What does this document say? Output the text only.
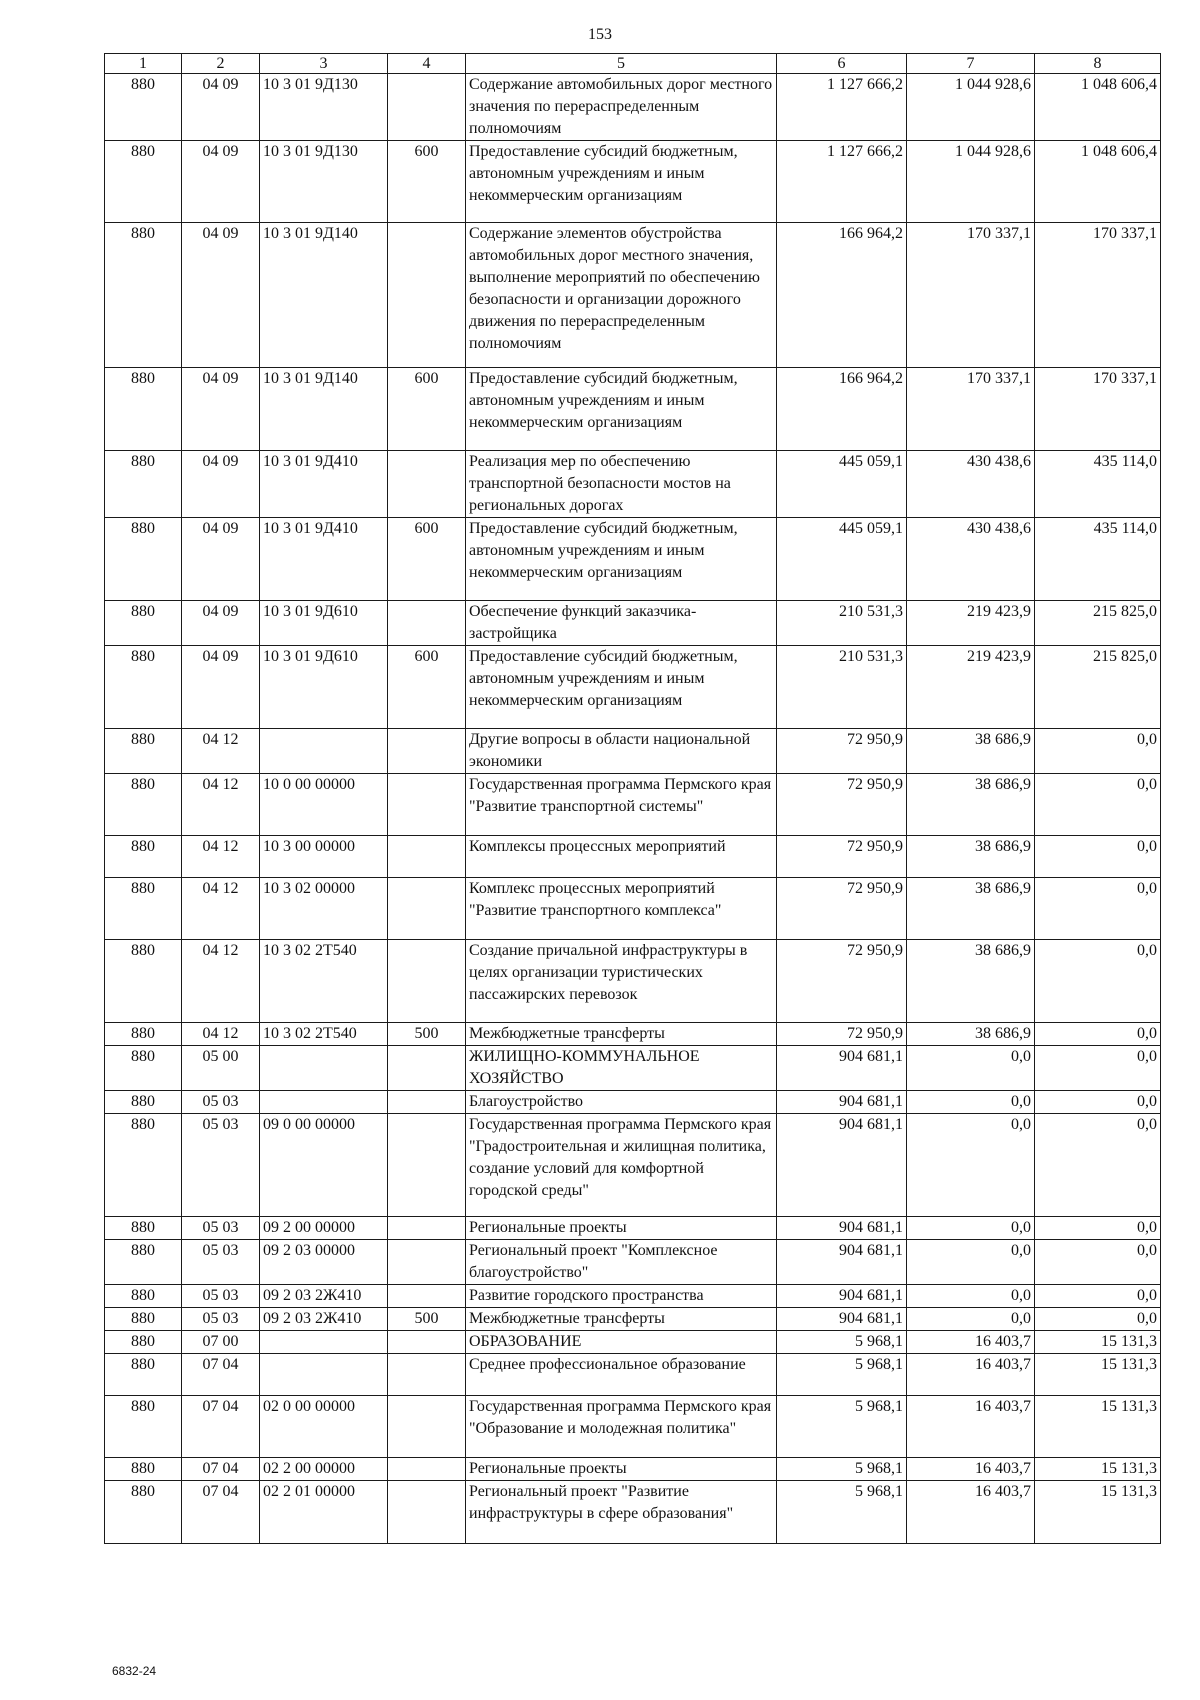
153
1	2	3	4	5	6	7	8
880	04 09	10 3 01 9Д130		Содержание автомобильных дорог местного значения по перераспределенным полномочиям	1 127 666,2	1 044 928,6	1 048 606,4
880	04 09	10 3 01 9Д130	600	Предоставление субсидий бюджетным, автономным учреждениям и иным некоммерческим организациям	1 127 666,2	1 044 928,6	1 048 606,4
880	04 09	10 3 01 9Д140		Содержание элементов обустройства автомобильных дорог местного значения, выполнение мероприятий по обеспечению безопасности и организации дорожного движения по перераспределенным полномочиям	166 964,2	170 337,1	170 337,1
880	04 09	10 3 01 9Д140	600	Предоставление субсидий бюджетным, автономным учреждениям и иным некоммерческим организациям	166 964,2	170 337,1	170 337,1
880	04 09	10 3 01 9Д410		Реализация мер по обеспечению транспортной безопасности мостов на региональных дорогах	445 059,1	430 438,6	435 114,0
880	04 09	10 3 01 9Д410	600	Предоставление субсидий бюджетным, автономным учреждениям и иным некоммерческим организациям	445 059,1	430 438,6	435 114,0
880	04 09	10 3 01 9Д610		Обеспечение функций заказчика-застройщика	210 531,3	219 423,9	215 825,0
880	04 09	10 3 01 9Д610	600	Предоставление субсидий бюджетным, автономным учреждениям и иным некоммерческим организациям	210 531,3	219 423,9	215 825,0
880	04 12			Другие вопросы в области национальной экономики	72 950,9	38 686,9	0,0
880	04 12	10 0 00 00000		Государственная программа Пермского края "Развитие транспортной системы"	72 950,9	38 686,9	0,0
880	04 12	10 3 00 00000		Комплексы процессных мероприятий	72 950,9	38 686,9	0,0
880	04 12	10 3 02 00000		Комплекс процессных мероприятий "Развитие транспортного комплекса"	72 950,9	38 686,9	0,0
880	04 12	10 3 02 2Т540		Создание причальной инфраструктуры в целях организации туристических пассажирских перевозок	72 950,9	38 686,9	0,0
880	04 12	10 3 02 2Т540	500	Межбюджетные трансферты	72 950,9	38 686,9	0,0
880	05 00			ЖИЛИЩНО-КОММУНАЛЬНОЕ ХОЗЯЙСТВО	904 681,1	0,0	0,0
880	05 03			Благоустройство	904 681,1	0,0	0,0
880	05 03	09 0 00 00000		Государственная программа Пермского края "Градостроительная и жилищная политика, создание условий для комфортной городской среды"	904 681,1	0,0	0,0
880	05 03	09 2 00 00000		Региональные проекты	904 681,1	0,0	0,0
880	05 03	09 2 03 00000		Региональный проект "Комплексное благоустройство"	904 681,1	0,0	0,0
880	05 03	09 2 03 2Ж410		Развитие городского пространства	904 681,1	0,0	0,0
880	05 03	09 2 03 2Ж410	500	Межбюджетные трансферты	904 681,1	0,0	0,0
880	07 00			ОБРАЗОВАНИЕ	5 968,1	16 403,7	15 131,3
880	07 04			Среднее профессиональное образование	5 968,1	16 403,7	15 131,3
880	07 04	02 0 00 00000		Государственная программа Пермского края "Образование и молодежная политика"	5 968,1	16 403,7	15 131,3
880	07 04	02 2 00 00000		Региональные проекты	5 968,1	16 403,7	15 131,3
880	07 04	02 2 01 00000		Региональный проект "Развитие инфраструктуры в сфере образования"	5 968,1	16 403,7	15 131,3
6832-24
